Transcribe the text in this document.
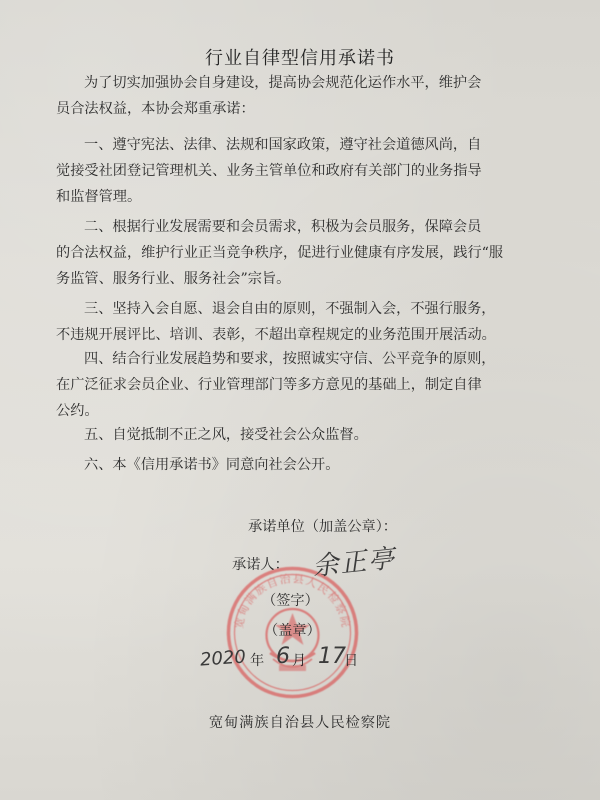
行业自律型信用承诺书
为了切实加强协会自身建设，提高协会规范化运作水平，维护会
员合法权益，本协会郑重承诺：
一、遵守宪法、法律、法规和国家政策，遵守社会道德风尚，自
觉接受社团登记管理机关、业务主管单位和政府有关部门的业务指导
和监督管理。
二、根据行业发展需要和会员需求，积极为会员服务，保障会员
的合法权益，维护行业正当竞争秩序，促进行业健康有序发展，践行“服
务监管、服务行业、服务社会”宗旨。
三、坚持入会自愿、退会自由的原则，不强制入会，不强行服务，
不违规开展评比、培训、表彰，不超出章程规定的业务范围开展活动。
四、结合行业发展趋势和要求，按照诚实守信、公平竞争的原则，
在广泛征求会员企业、行业管理部门等多方意见的基础上，制定自律
公约。
五、自觉抵制不正之风，接受社会公众监督。
六、本《信用承诺书》同意向社会公开。
宽甸满族自治县人民检察院
承诺单位（加盖公章）：
承诺人： 余正亭
（签字）
（盖章）
2020 年 6 月 17
日
宽甸满族自治县人民检察院
